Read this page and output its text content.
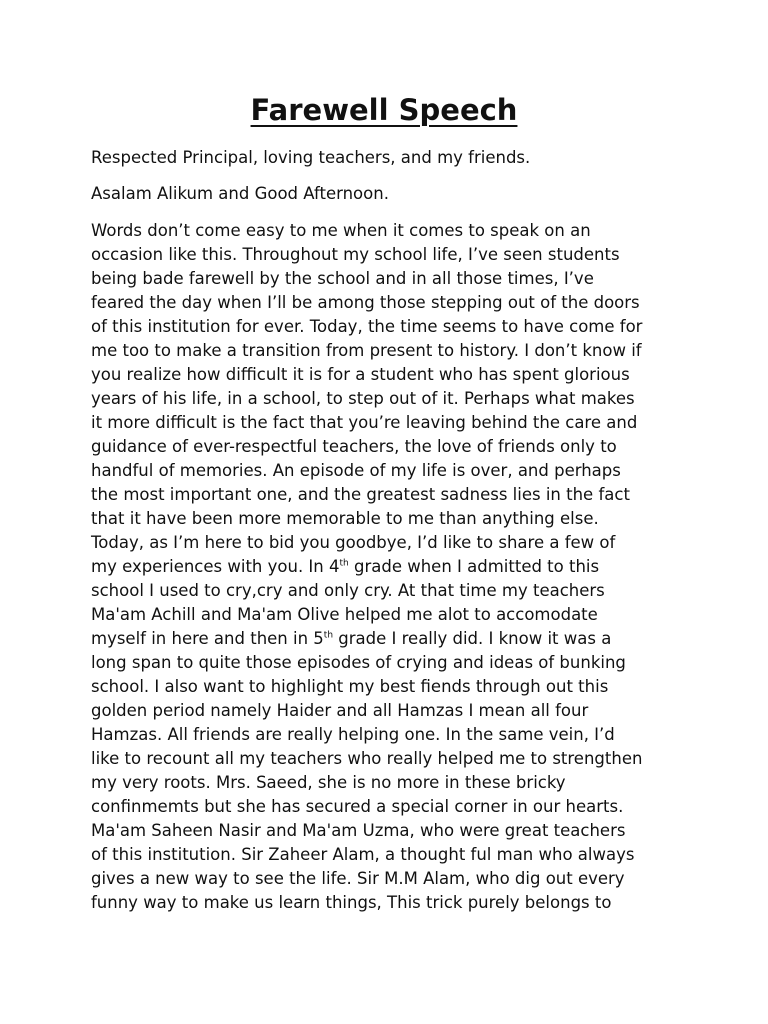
Farewell Speech
Respected Principal, loving teachers, and my friends.
Asalam Alikum and Good Afternoon.
Words don’t come easy to me when it comes to speak on an
occasion like this. Throughout my school life, I’ve seen students
being bade farewell by the school and in all those times, I’ve
feared the day when I’ll be among those stepping out of the doors
of this institution for ever. Today, the time seems to have come for
me too to make a transition from present to history. I don’t know if
you realize how difficult it is for a student who has spent glorious
years of his life, in a school, to step out of it. Perhaps what makes
it more difficult is the fact that you’re leaving behind the care and
guidance of ever-respectful teachers, the love of friends only to
handful of memories. An episode of my life is over, and perhaps
the most important one, and the greatest sadness lies in the fact
that it have been more memorable to me than anything else.
Today, as I’m here to bid you goodbye, I’d like to share a few of
my experiences with you. In 4th grade when I admitted to this
school I used to cry,cry and only cry. At that time my teachers
Ma'am Achill and Ma'am Olive helped me alot to accomodate
myself in here and then in 5th grade I really did. I know it was a
long span to quite those episodes of crying and ideas of bunking
school. I also want to highlight my best fiends through out this
golden period namely Haider and all Hamzas I mean all four
Hamzas. All friends are really helping one. In the same vein, I’d
like to recount all my teachers who really helped me to strengthen
my very roots. Mrs. Saeed, she is no more in these bricky
confinmemts but she has secured a special corner in our hearts.
Ma'am Saheen Nasir and Ma'am Uzma, who were great teachers
of this institution. Sir Zaheer Alam, a thought ful man who always
gives a new way to see the life. Sir M.M Alam, who dig out every
funny way to make us learn things, This trick purely belongs to
